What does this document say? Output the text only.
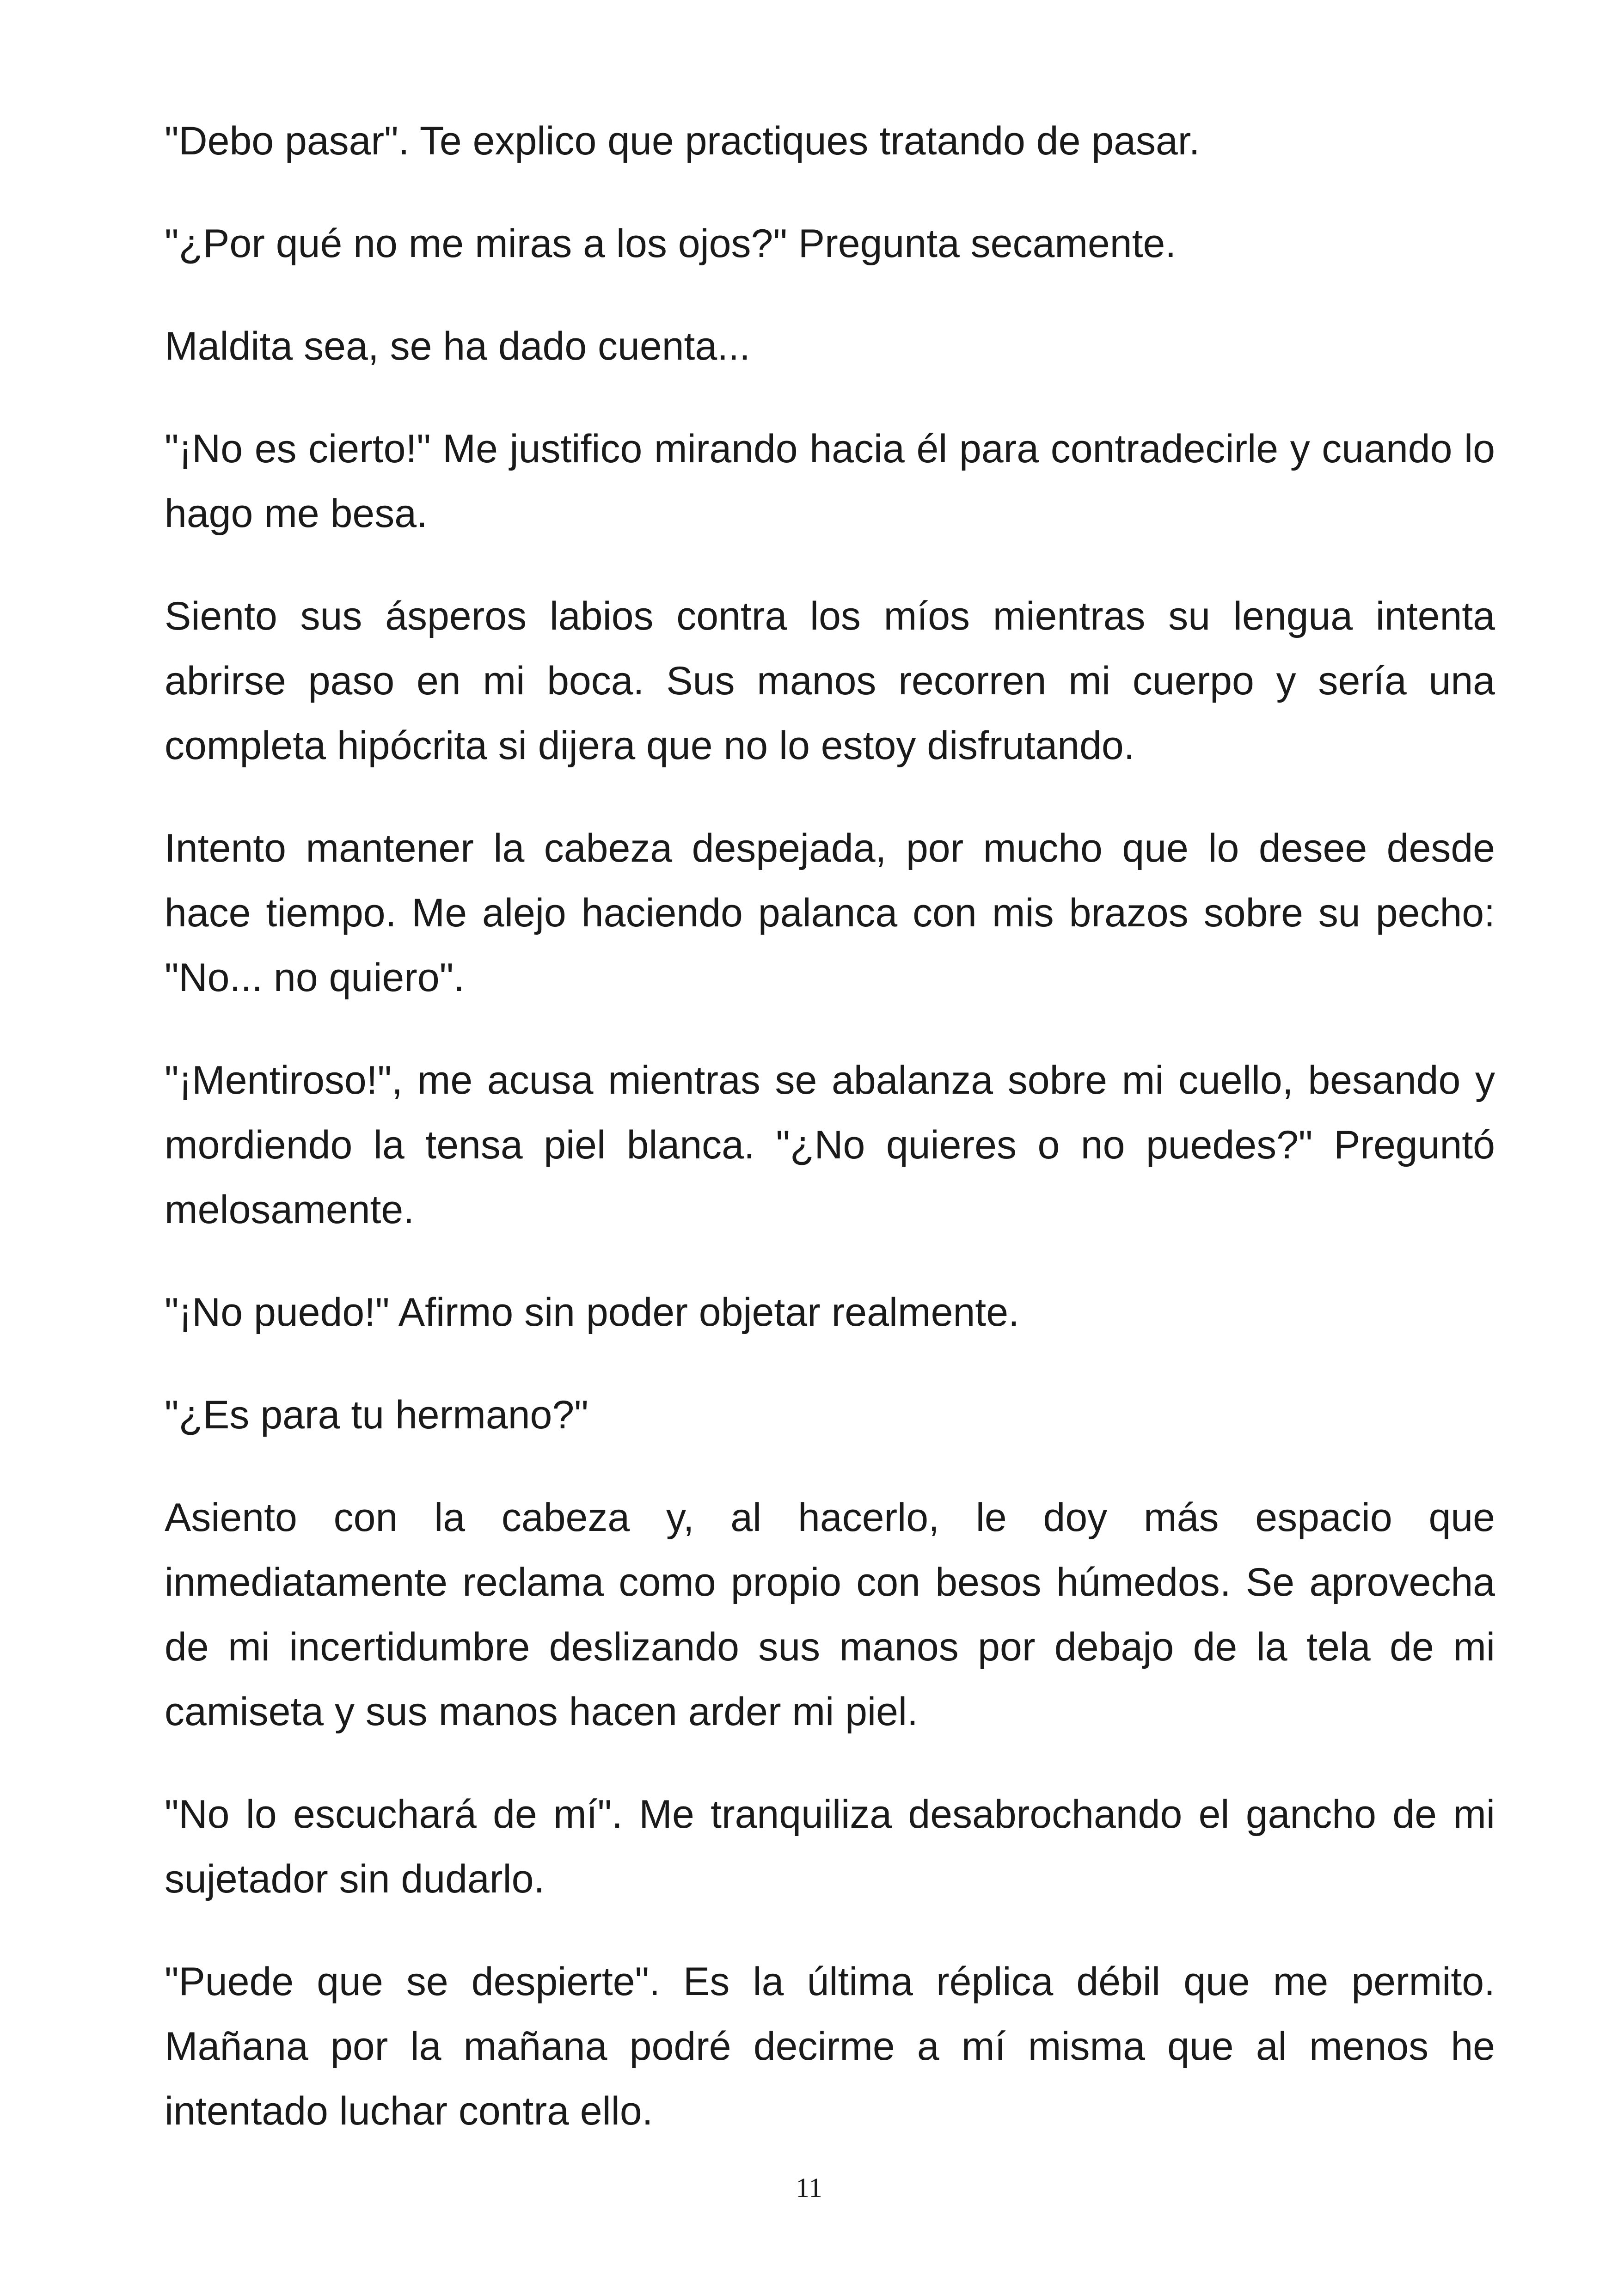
"Debo pasar". Te explico que practiques tratando de pasar.

"¿Por qué no me miras a los ojos?" Pregunta secamente.

Maldita sea, se ha dado cuenta...

"¡No es cierto!" Me justifico mirando hacia él para contradecirle y cuando lo hago me besa.

Siento sus ásperos labios contra los míos mientras su lengua intenta abrirse paso en mi boca. Sus manos recorren mi cuerpo y sería una completa hipócrita si dijera que no lo estoy disfrutando.

Intento mantener la cabeza despejada, por mucho que lo desee desde hace tiempo. Me alejo haciendo palanca con mis brazos sobre su pecho: "No... no quiero".

"¡Mentiroso!", me acusa mientras se abalanza sobre mi cuello, besando y mordiendo la tensa piel blanca. "¿No quieres o no puedes?" Preguntó melosamente.

"¡No puedo!" Afirmo sin poder objetar realmente.

"¿Es para tu hermano?"

Asiento con la cabeza y, al hacerlo, le doy más espacio que inmediatamente reclama como propio con besos húmedos. Se aprovecha de mi incertidumbre deslizando sus manos por debajo de la tela de mi camiseta y sus manos hacen arder mi piel.

"No lo escuchará de mí". Me tranquiliza desabrochando el gancho de mi sujetador sin dudarlo.

"Puede que se despierte". Es la última réplica débil que me permito. Mañana por la mañana podré decirme a mí misma que al menos he intentado luchar contra ello.

11
